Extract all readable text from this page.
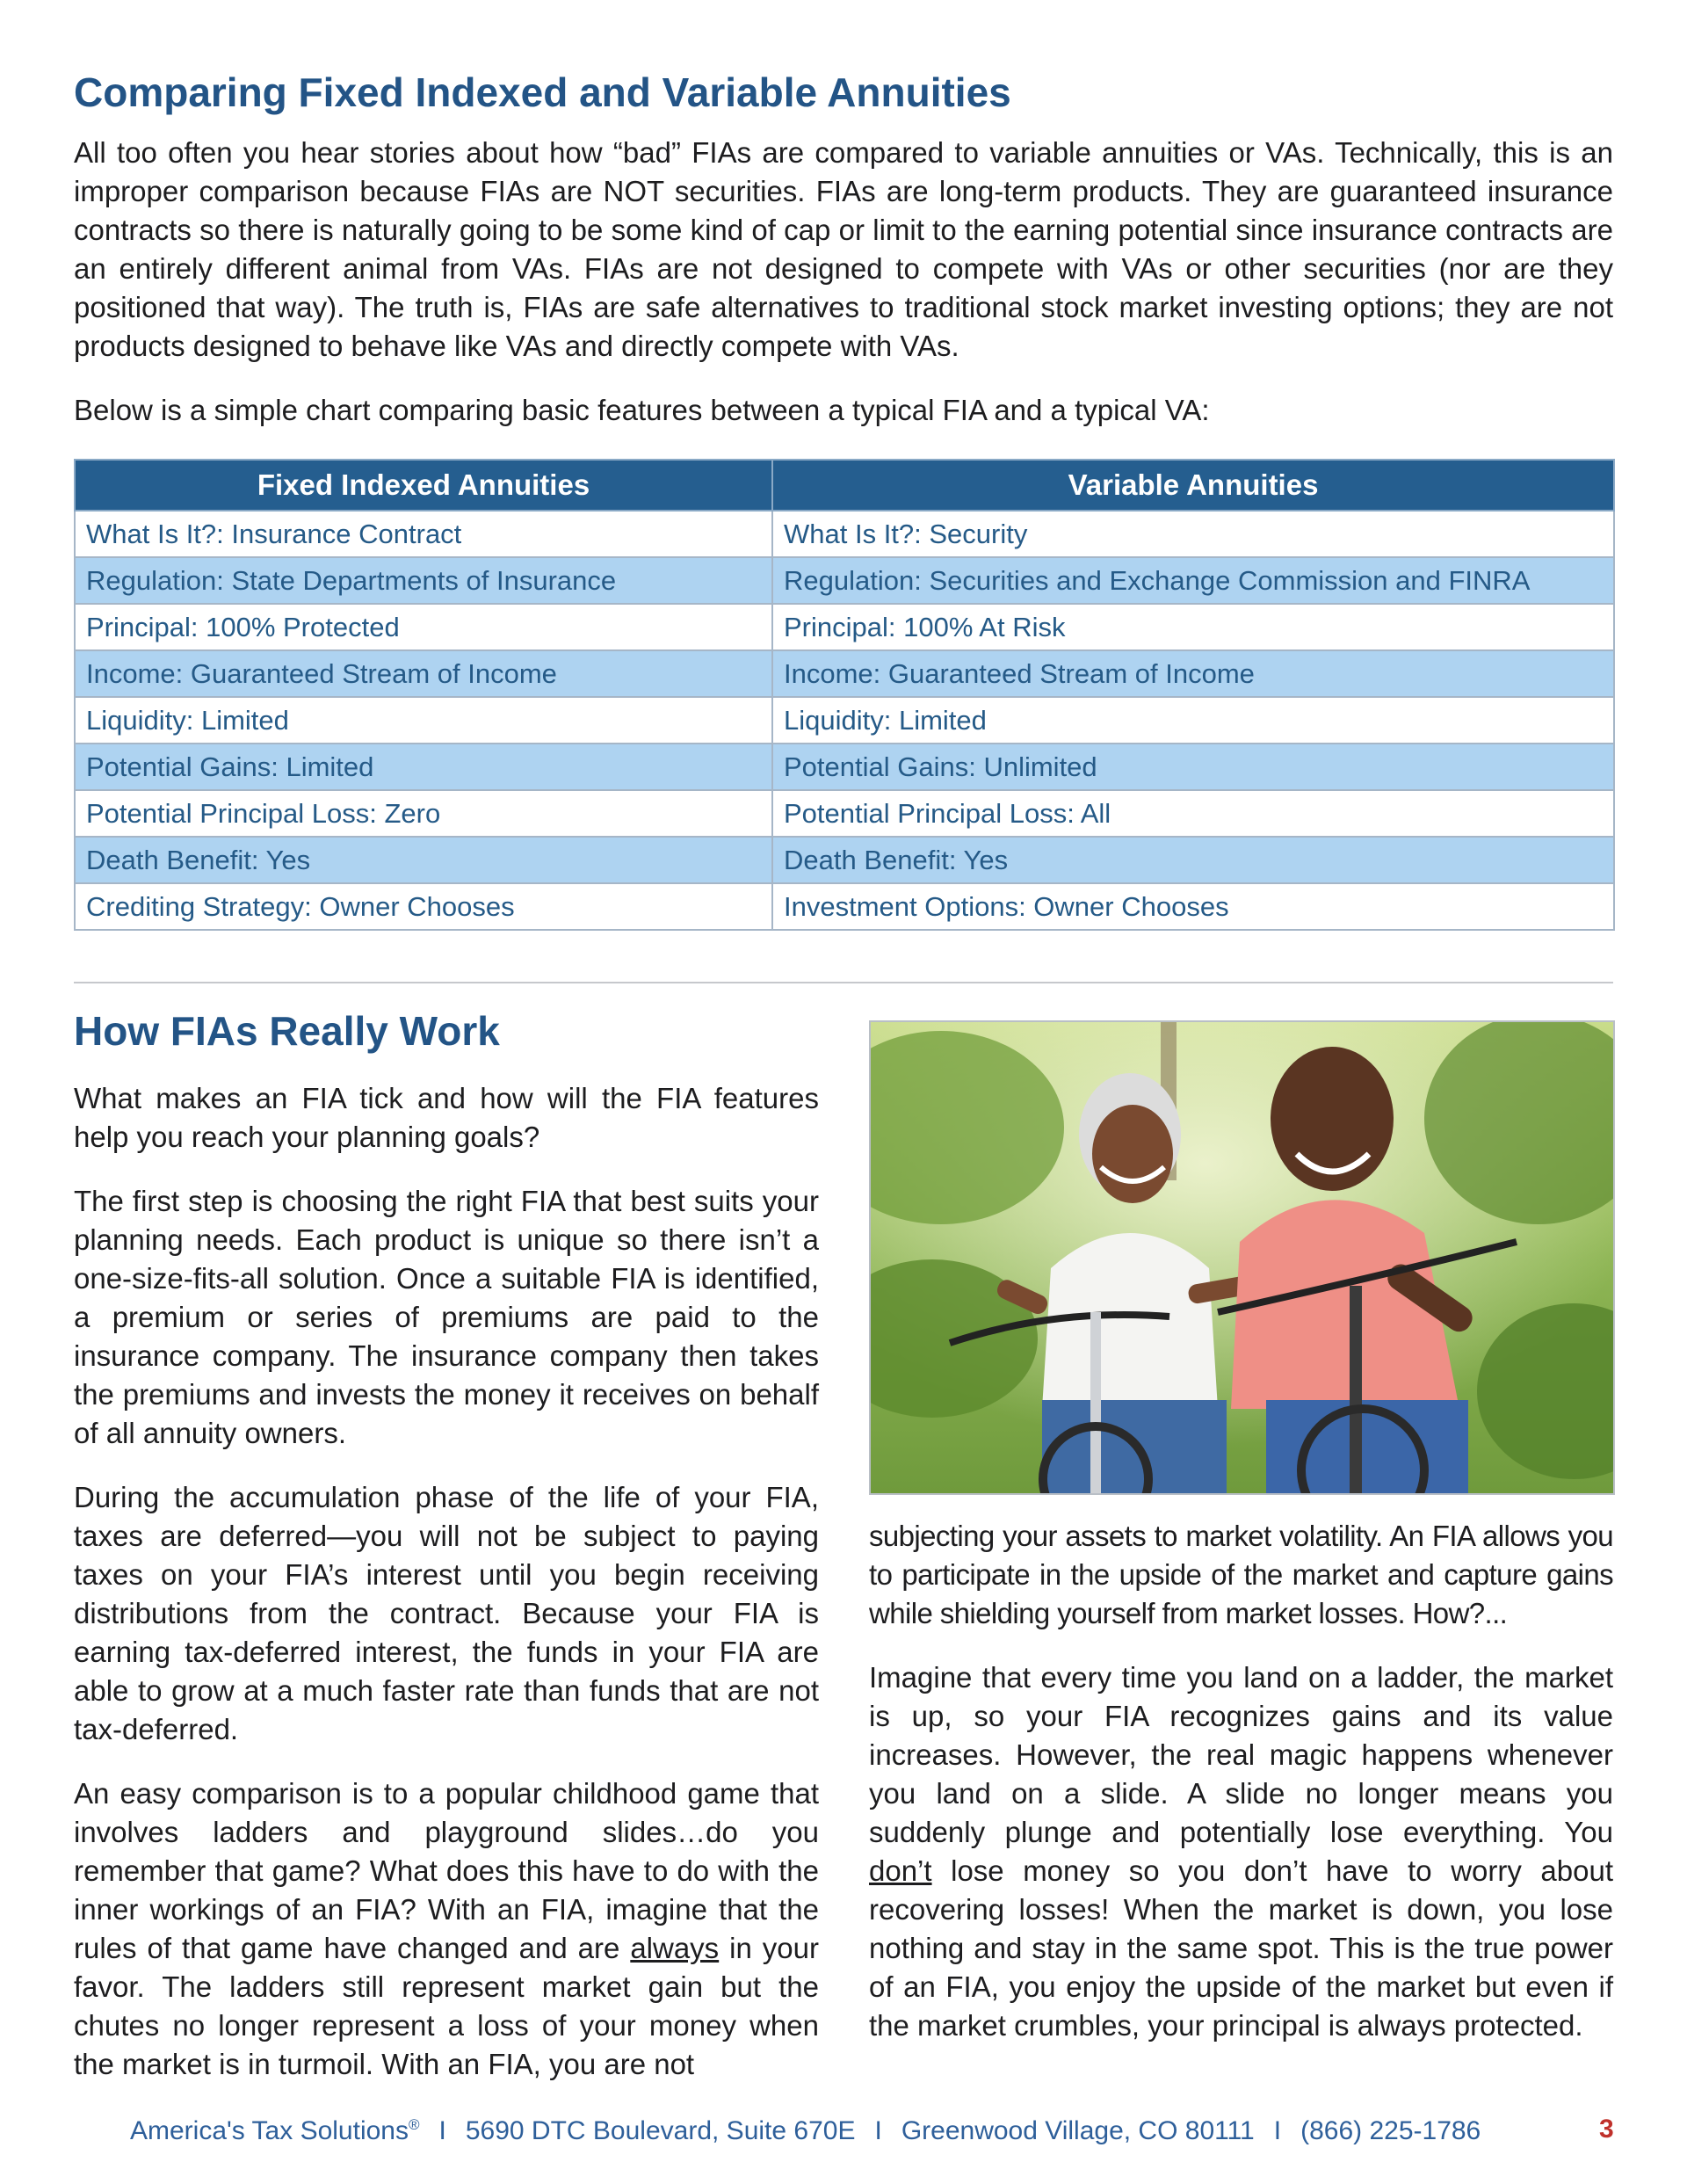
Comparing Fixed Indexed and Variable Annuities

All too often you hear stories about how “bad” FIAs are compared to variable annuities or VAs. Technically, this is an improper comparison because FIAs are NOT securities. FIAs are long-term products. They are guaranteed insurance contracts so there is naturally going to be some kind of cap or limit to the earning potential since insurance contracts are an entirely different animal from VAs. FIAs are not designed to compete with VAs or other securities (nor are they positioned that way). The truth is, FIAs are safe alternatives to traditional stock market investing options; they are not products designed to behave like VAs and directly compete with VAs.

Below is a simple chart comparing basic features between a typical FIA and a typical VA:

Fixed Indexed Annuities	Variable Annuities
What Is It?: Insurance Contract	What Is It?: Security
Regulation: State Departments of Insurance	Regulation: Securities and Exchange Commission and FINRA
Principal: 100% Protected	Principal: 100% At Risk
Income: Guaranteed Stream of Income	Income: Guaranteed Stream of Income
Liquidity: Limited	Liquidity: Limited
Potential Gains: Limited	Potential Gains: Unlimited
Potential Principal Loss: Zero	Potential Principal Loss: All
Death Benefit: Yes	Death Benefit: Yes
Crediting Strategy: Owner Chooses	Investment Options: Owner Chooses
How FIAs Really Work

What makes an FIA tick and how will the FIA features help you reach your planning goals?

The first step is choosing the right FIA that best suits your planning needs. Each product is unique so there isn’t a one-size-fits-all solution. Once a suitable FIA is identified, a premium or series of premiums are paid to the insurance company. The insurance company then takes the premiums and invests the money it receives on behalf of all annuity owners.

During the accumulation phase of the life of your FIA, taxes are deferred—you will not be subject to paying taxes on your FIA’s interest until you begin receiving distributions from the contract. Because your FIA is earning tax-deferred interest, the funds in your FIA are able to grow at a much faster rate than funds that are not tax-deferred.

An easy comparison is to a popular childhood game that involves ladders and playground slides…do you remember that game? What does this have to do with the inner workings of an FIA? With an FIA, imagine that the rules of that game have changed and are always in your favor. The ladders still represent market gain but the chutes no longer represent a loss of your money when the market is in turmoil. With an FIA, you are not

subjecting your assets to market volatility. An FIA allows you to participate in the upside of the market and capture gains while shielding yourself from market losses. How?...

Imagine that every time you land on a ladder, the market is up, so your FIA recognizes gains and its value increases. However, the real magic happens whenever you land on a slide. A slide no longer means you suddenly plunge and potentially lose everything. You don’t lose money so you don’t have to worry about recovering losses! When the market is down, you lose nothing and stay in the same spot. This is the true power of an FIA, you enjoy the upside of the market but even if the market crumbles, your principal is always protected.

America's Tax Solutions® I 5690 DTC Boulevard, Suite 670E I Greenwood Village, CO 80111 I (866) 225-1786	3
